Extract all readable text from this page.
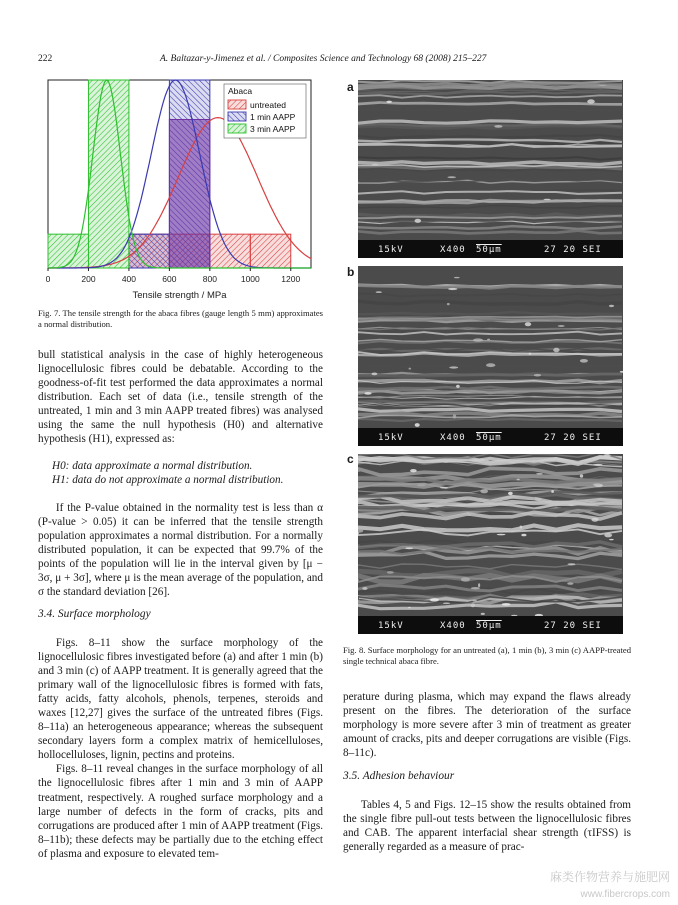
222	A. Baltazar-y-Jimenez et al. / Composites Science and Technology 68 (2008) 215–227
0	200	400	600	800	1000	1200
Tensile strength / MPa
Abaca
untreated
1 min AAPP
3 min AAPP
Fig. 7. The tensile strength for the abaca fibres (gauge length 5 mm) approximates a normal distribution.
bull statistical analysis in the case of highly heterogeneous lignocellulosic fibres could be debatable. According to the goodness-of-fit test performed the data approximates a normal distribution. Each set of data (i.e., tensile strength of the untreated, 1 min and 3 min AAPP treated fibres) was analysed using the same the null hypothesis (H0) and alternative hypothesis (H1), expressed as:
H0: data approximate a normal distribution.
H1: data do not approximate a normal distribution.
If the P-value obtained in the normality test is less than α (P-value > 0.05) it can be inferred that the tensile strength population approximates a normal distribution. For a normally distributed population, it can be expected that 99.7% of the points of the population will lie in the interval given by [μ − 3σ, μ + 3σ], where μ is the mean average of the population, and σ the standard deviation [26].
3.4. Surface morphology
Figs. 8–11 show the surface morphology of the lignocellulosic fibres investigated before (a) and after 1 min (b) and 3 min (c) of AAPP treatment. It is generally agreed that the primary wall of the lignocellulosic fibres is formed with fats, fatty acids, fatty alcohols, phenols, terpenes, steroids and waxes [12,27] gives the surface of the untreated fibres (Figs. 8–11a) an heterogeneous appearance; whereas the subsequent secondary layers form a complex matrix of hemicelluloses, hollocelluloses, lignin, pectins and proteins.
Figs. 8–11 reveal changes in the surface morphology of all the lignocellulosic fibres after 1 min and 3 min of AAPP treatment, respectively. A roughed surface morphology and a large number of defects in the form of cracks, pits and corrugations are produced after 1 min of AAPP treatment (Figs. 8–11b); these defects may be partially due to the etching effect of plasma and exposure to elevated tem-
a
b
c
15kV	X400 50µm	27 20 SEI
15kV	X400 50µm	27 20 SEI
15kV	X400 50µm	27 20 SEI
Fig. 8. Surface morphology for an untreated (a), 1 min (b), 3 min (c) AAPP-treated single technical abaca fibre.
perature during plasma, which may expand the flaws already present on the fibres. The deterioration of the surface morphology is more severe after 3 min of treatment as greater amount of cracks, pits and deeper corrugations are visible (Figs. 8–11c).
3.5. Adhesion behaviour
Tables 4, 5 and Figs. 12–15 show the results obtained from the single fibre pull-out tests between the lignocellulosic fibres and CAB. The apparent interfacial shear strength (τIFSS) is generally regarded as a measure of prac-
麻类作物营养与施肥网
www.fibercrops.com
